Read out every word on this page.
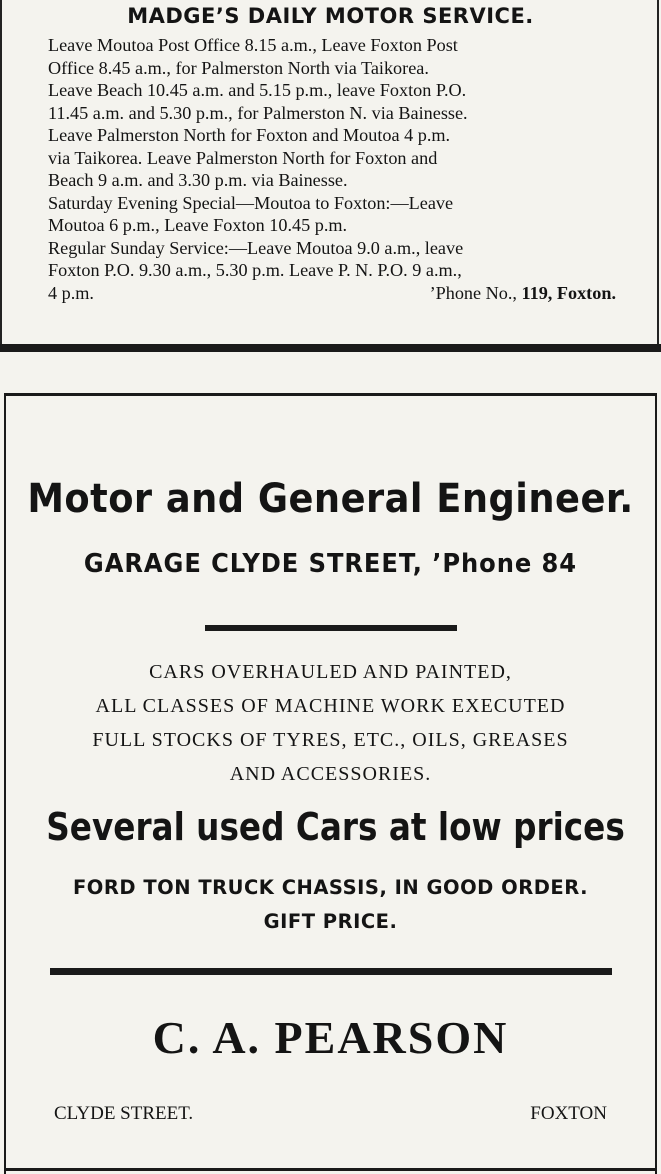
MADGE’S DAILY MOTOR SERVICE.
Leave Moutoa Post Office 8.15 a.m., Leave Foxton Post
Office 8.45 a.m., for Palmerston North via Taikorea.
Leave Beach 10.45 a.m. and 5.15 p.m., leave Foxton P.O.
11.45 a.m. and 5.30 p.m., for Palmerston N. via Bainesse.
Leave Palmerston North for Foxton and Moutoa 4 p.m.
via Taikorea. Leave Palmerston North for Foxton and
Beach 9 a.m. and 3.30 p.m. via Bainesse.
Saturday Evening Special—Moutoa to Foxton:—Leave
Moutoa 6 p.m., Leave Foxton 10.45 p.m.
Regular Sunday Service:—Leave Moutoa 9.0 a.m., leave
Foxton P.O. 9.30 a.m., 5.30 p.m. Leave P. N. P.O. 9 a.m.,
4 p.m.	’Phone No., 119, Foxton.
Motor and General Engineer.
GARAGE CLYDE STREET, ’Phone 84
CARS OVERHAULED AND PAINTED,
ALL CLASSES OF MACHINE WORK EXECUTED
FULL STOCKS OF TYRES, ETC., OILS, GREASES
AND ACCESSORIES.
Several used Cars at low prices
FORD TON TRUCK CHASSIS, IN GOOD ORDER.
GIFT PRICE.
C. A. PEARSON
CLYDE STREET.	FOXTON
